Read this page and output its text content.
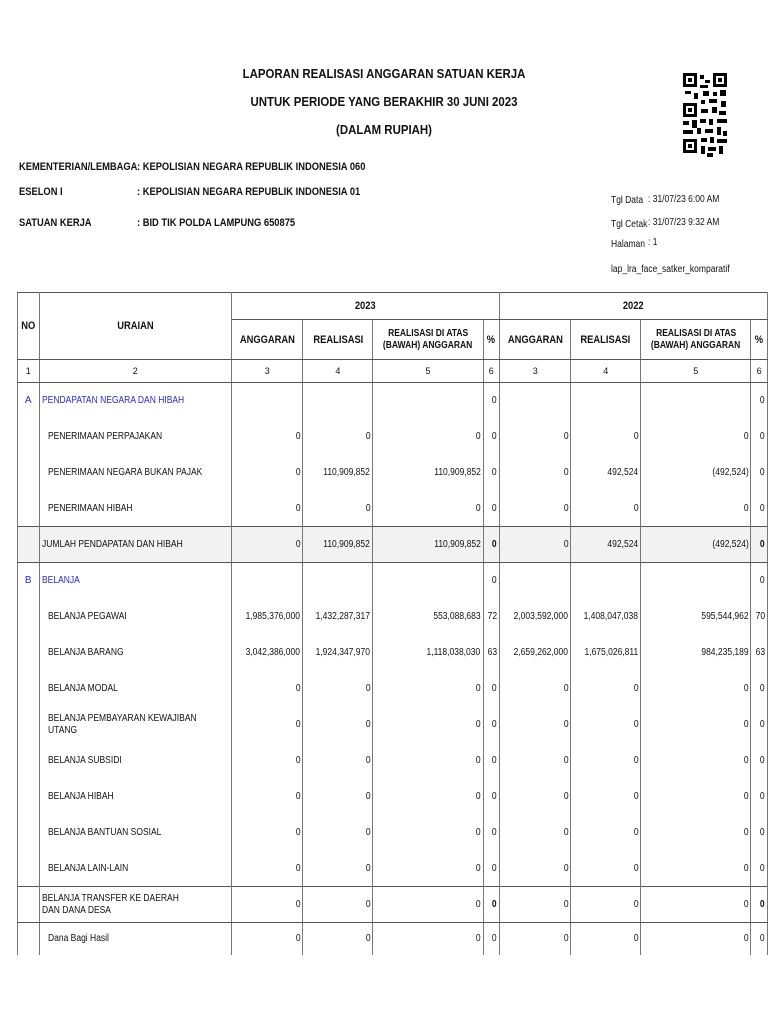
LAPORAN REALISASI ANGGARAN SATUAN KERJA
UNTUK PERIODE YANG BERAKHIR 30 JUNI 2023
(DALAM RUPIAH)
KEMENTERIAN/LEMBAGA : KEPOLISIAN NEGARA REPUBLIK INDONESIA 060
ESELON I	: KEPOLISIAN NEGARA REPUBLIK INDONESIA 01
SATUAN KERJA	: BID TIK POLDA LAMPUNG 650875
Tgl Data : 31/07/23 6:00 AM
Tgl Cetak : 31/07/23 9:32 AM
Halaman : 1
lap_lra_face_satker_komparatif
NO	URAIAN	2023				2022			
		ANGGARAN	REALISASI	REALISASI DI ATAS
(BAWAH) ANGGARAN	%	ANGGARAN	REALISASI	REALISASI DI ATAS
(BAWAH) ANGGARAN	%
1	2	3	4	5	6	3	4	5	6
A	PENDAPATAN NEGARA DAN HIBAH				0				0
	PENERIMAAN PERPAJAKAN	0	0	0	0	0	0	0	0
	PENERIMAAN NEGARA BUKAN PAJAK	0	110,909,852	110,909,852	0	0	492,524	(492,524)	0
	PENERIMAAN HIBAH	0	0	0	0	0	0	0	0
	JUMLAH PENDAPATAN DAN HIBAH	0	110,909,852	110,909,852	0	0	492,524	(492,524)	0
B	BELANJA				0				0
	BELANJA PEGAWAI	1,985,376,000	1,432,287,317	553,088,683	72	2,003,592,000	1,408,047,038	595,544,962	70
	BELANJA BARANG	3,042,386,000	1,924,347,970	1,118,038,030	63	2,659,262,000	1,675,026,811	984,235,189	63
	BELANJA MODAL	0	0	0	0	0	0	0	0
	BELANJA PEMBAYARAN KEWAJIBAN UTANG	0	0	0	0	0	0	0	0
	BELANJA SUBSIDI	0	0	0	0	0	0	0	0
	BELANJA HIBAH	0	0	0	0	0	0	0	0
	BELANJA BANTUAN SOSIAL	0	0	0	0	0	0	0	0
	BELANJA LAIN-LAIN	0	0	0	0	0	0	0	0
	BELANJA TRANSFER KE DAERAH DAN DANA DESA	0	0	0	0	0	0	0	0
	Dana Bagi Hasil	0	0	0	0	0	0	0	0
